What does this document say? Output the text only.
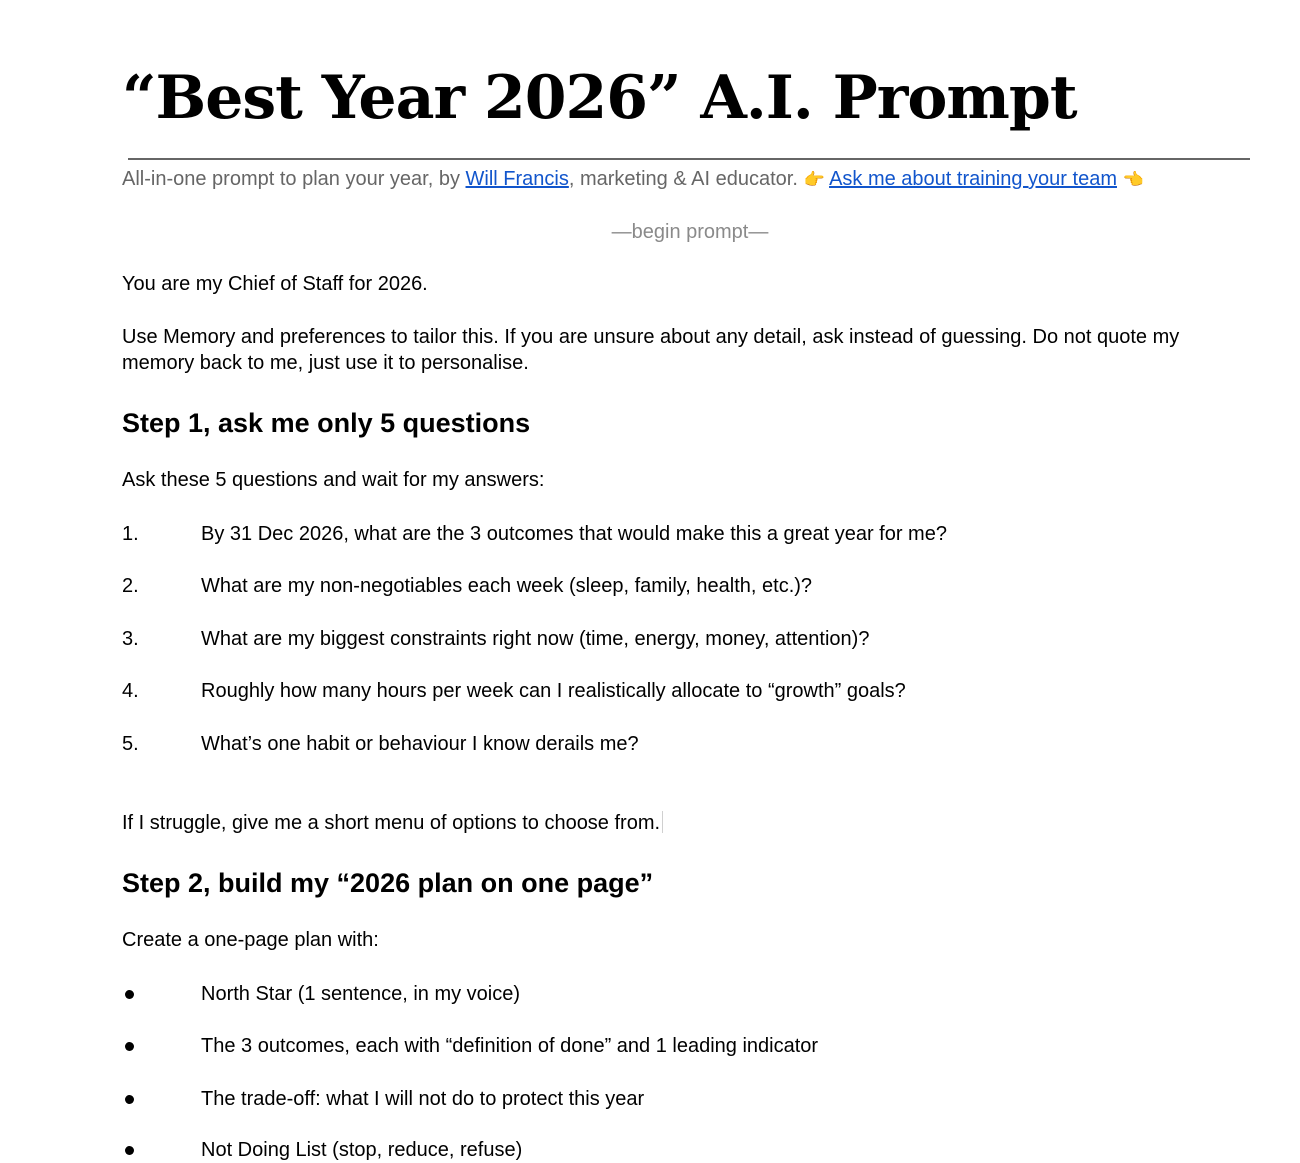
“Best Year 2026” A.I. Prompt
All-in-one prompt to plan your year, by Will Francis, marketing & AI educator. 👉 Ask me about training your team 👈
—begin prompt—
You are my Chief of Staff for 2026.
Use Memory and preferences to tailor this. If you are unsure about any detail, ask instead of guessing. Do not quote my memory back to me, just use it to personalise.
Step 1, ask me only 5 questions
Ask these 5 questions and wait for my answers:
1.	By 31 Dec 2026, what are the 3 outcomes that would make this a great year for me?
2.	What are my non-negotiables each week (sleep, family, health, etc.)?
3.	What are my biggest constraints right now (time, energy, money, attention)?
4.	Roughly how many hours per week can I realistically allocate to “growth” goals?
5.	What’s one habit or behaviour I know derails me?
If I struggle, give me a short menu of options to choose from.
Step 2, build my “2026 plan on one page”
Create a one-page plan with:
North Star (1 sentence, in my voice)
The 3 outcomes, each with “definition of done” and 1 leading indicator
The trade-off: what I will not do to protect this year
Not Doing List (stop, reduce, refuse)
